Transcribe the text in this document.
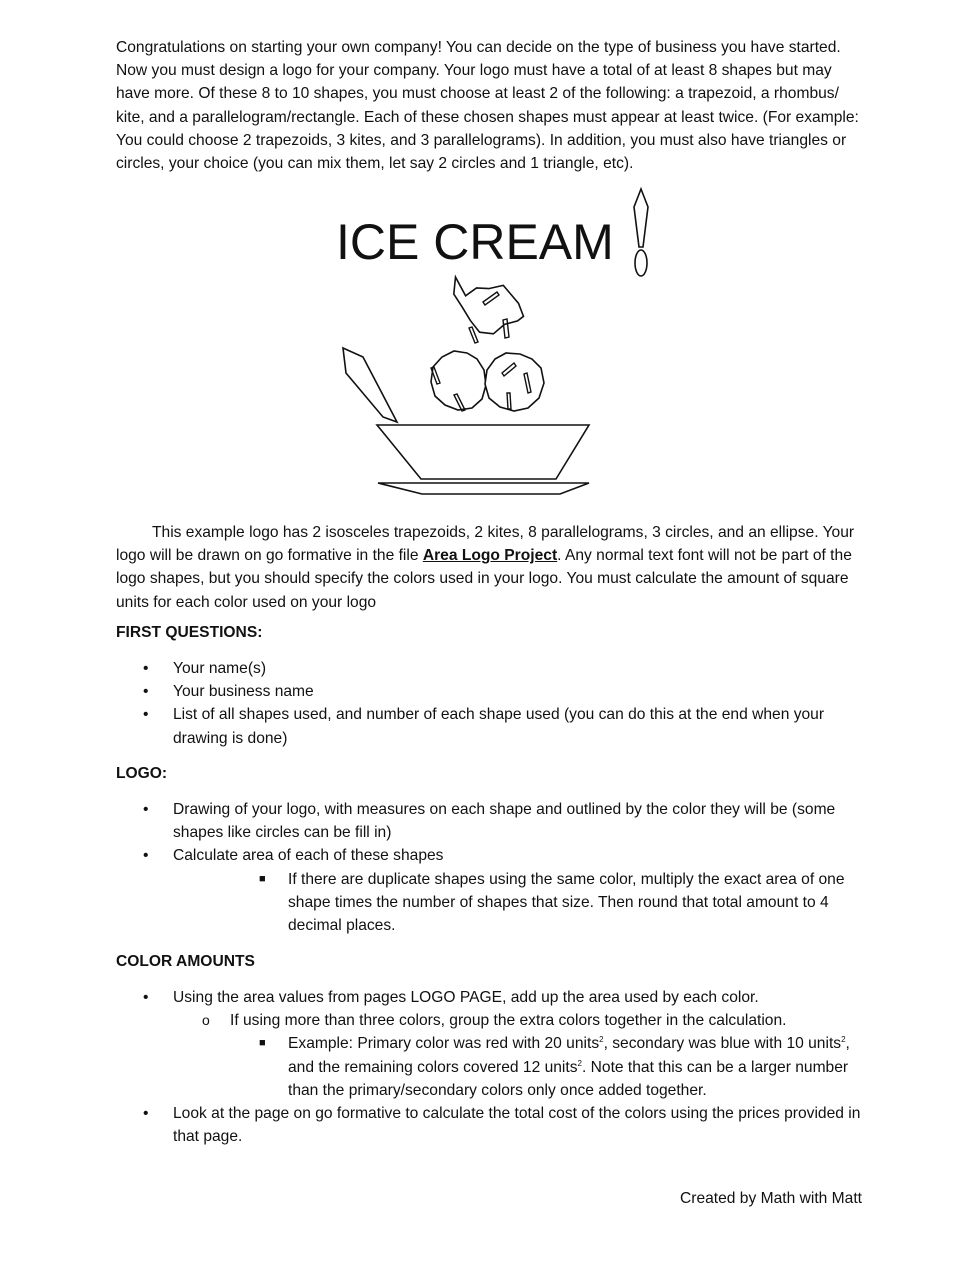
Congratulations on starting your own company! You can decide on the type of business you have started. Now you must design a logo for your company. Your logo must have a total of at least 8 shapes but may have more. Of these 8 to 10 shapes, you must choose at least 2 of the following: a trapezoid, a rhombus/ kite, and a parallelogram/rectangle. Each of these chosen shapes must appear at least twice. (For example: You could choose 2 trapezoids, 3 kites, and 3 parallelograms). In addition, you must also have triangles or circles, your choice (you can mix them, let say 2 circles and 1 triangle, etc).

ICE CREAM

This example logo has 2 isosceles trapezoids, 2 kites, 8 parallelograms, 3 circles, and an ellipse. Your logo will be drawn on go formative in the file Area Logo Project. Any normal text font will not be part of the logo shapes, but you should specify the colors used in your logo. You must calculate the amount of square units for each color used on your logo

FIRST QUESTIONS:
• Your name(s)
• Your business name
• List of all shapes used, and number of each shape used (you can do this at the end when your drawing is done)
LOGO:
• Drawing of your logo, with measures on each shape and outlined by the color they will be (some shapes like circles can be fill in)
• Calculate area of each of these shapes
■ If there are duplicate shapes using the same color, multiply the exact area of one shape times the number of shapes that size. Then round that total amount to 4 decimal places.
COLOR AMOUNTS
• Using the area values from pages LOGO PAGE, add up the area used by each color.
o If using more than three colors, group the extra colors together in the calculation.
■ Example: Primary color was red with 20 units$^2$, secondary was blue with 10 units$^2$, and the remaining colors covered 12 units$^2$. Note that this can be a larger number than the primary/secondary colors only once added together.
• Look at the page on go formative to calculate the total cost of the colors using the prices provided in that page.
Created by Math with Matt
